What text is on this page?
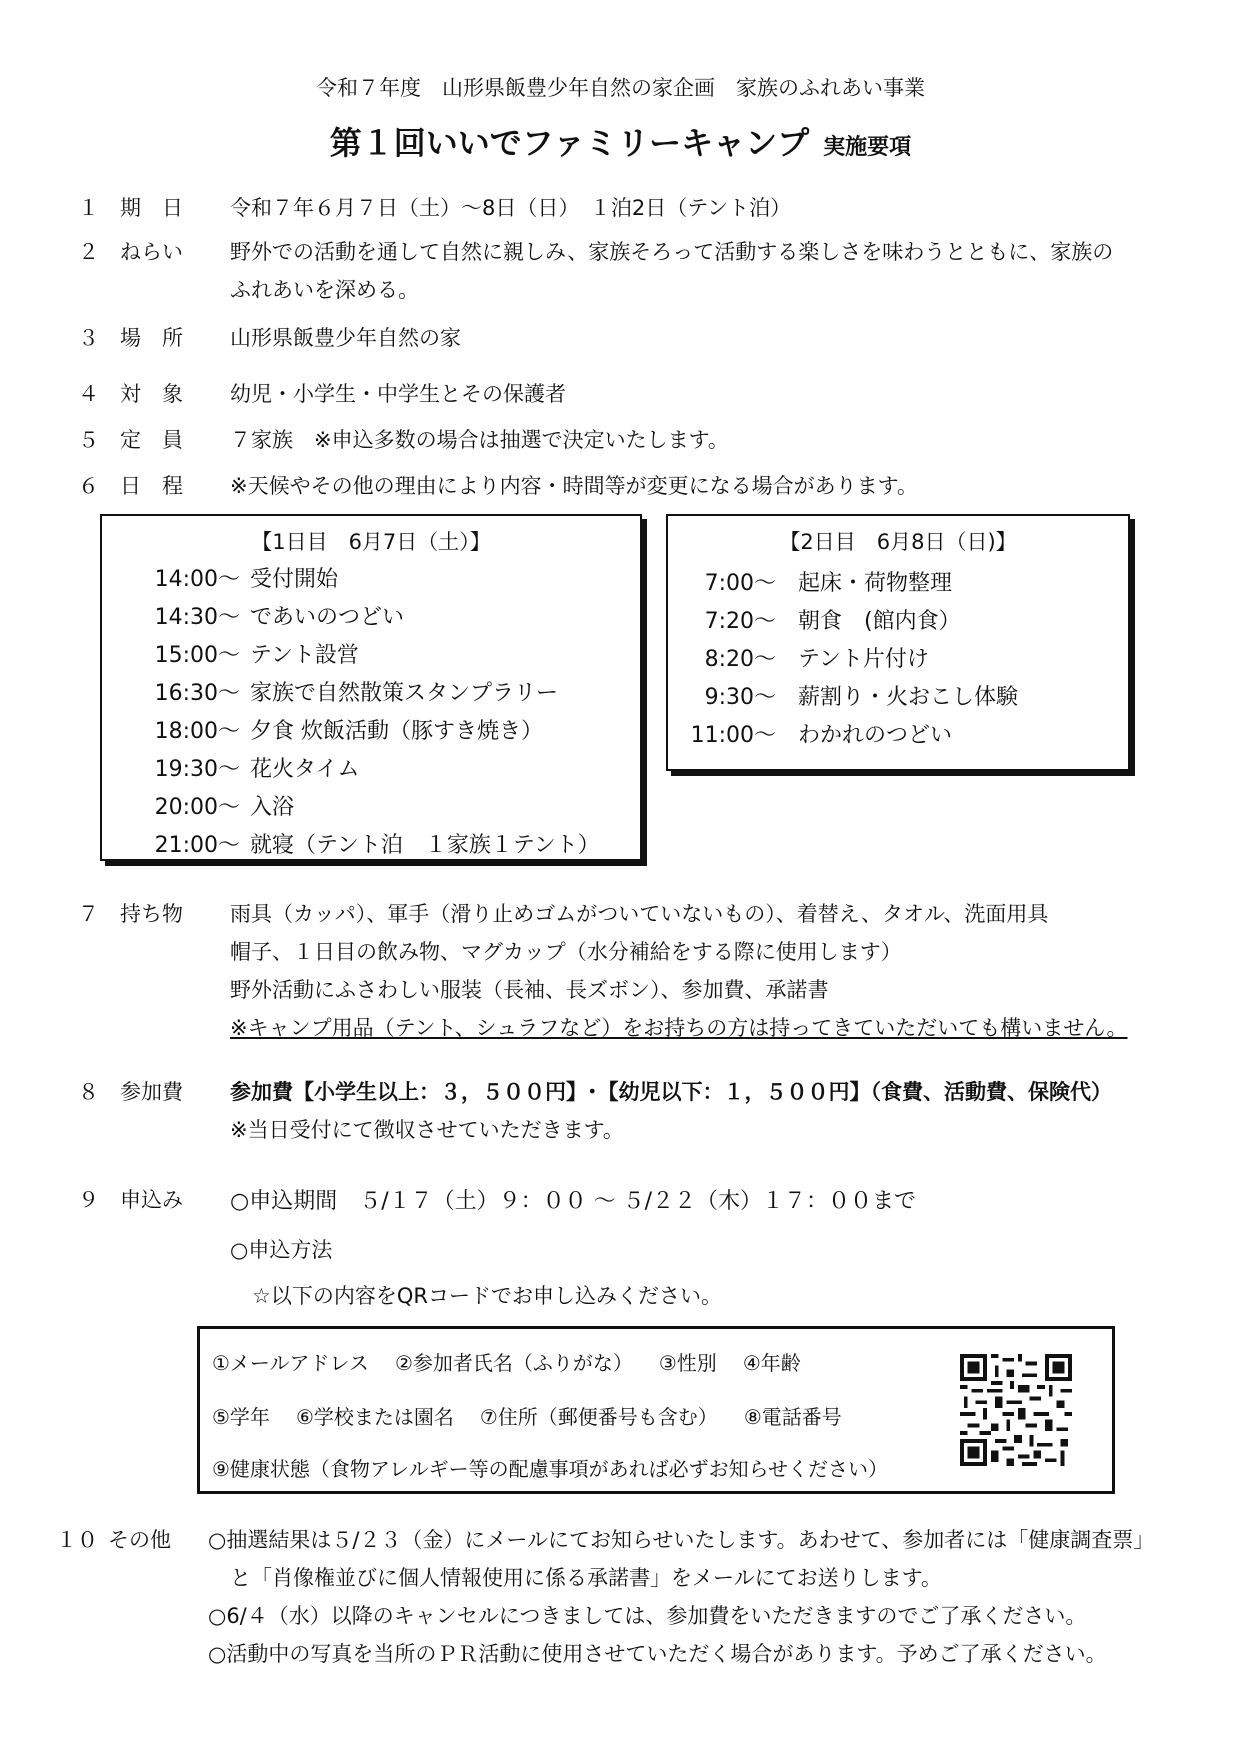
令和７年度　山形県飯豊少年自然の家企画　家族のふれあい事業
第１回いいでファミリーキャンプ 実施要項
１ 期　日 令和７年６月７日（土）～8日（日）　１泊2日（テント泊）
２ ねらい 野外での活動を通して自然に親しみ、家族そろって活動する楽しさを味わうとともに、家族の
ふれあいを深める。
３ 場　所 山形県飯豊少年自然の家
４ 対　象 幼児・小学生・中学生とその保護者
５ 定　員 ７家族　※申込多数の場合は抽選で決定いたします。
６ 日　程 ※天候やその他の理由により内容・時間等が変更になる場合があります。
【1日目　6月7日（土）】
14:00～ 受付開始
14:30～ であいのつどい
15:00～ テント設営
16:30～ 家族で自然散策スタンプラリー
18:00～ 夕食 炊飯活動（豚すき焼き）
19:30～ 花火タイム
20:00～ 入浴
21:00～ 就寝（テント泊　１家族１テント）
【2日目　6月8日（日)】
7:00～ 起床・荷物整理
7:20～ 朝食　(館内食）
8:20～ テント片付け
9:30～ 薪割り・火おこし体験
11:00～ わかれのつどい
７ 持ち物 雨具（カッパ）、軍手（滑り止めゴムがついていないもの）、着替え、タオル、洗面用具
帽子、１日目の飲み物、マグカップ（水分補給をする際に使用します）
野外活動にふさわしい服装（長袖、長ズボン）、参加費、承諾書
※キャンプ用品（テント、シュラフなど）をお持ちの方は持ってきていただいても構いません。
８ 参加費 参加費【小学生以上：３，５００円】･【幼児以下：１，５００円】（食費、活動費、保険代）
※当日受付にて徴収させていただきます。
９ 申込み ○申込期間　５/１７（土）９：００ ～ ５/２２（木）１７：００まで
○申込方法
☆以下の内容をQRコードでお申し込みください。
①メールアドレス ②参加者氏名（ふりがな） ③性別 ④年齢
⑤学年 ⑥学校または園名 ⑦住所（郵便番号も含む） ⑧電話番号
⑨健康状態（食物アレルギー等の配慮事項があれば必ずお知らせください）
１０ その他 ○抽選結果は５/２３（金）にメールにてお知らせいたします。あわせて、参加者には「健康調査票」
と「肖像権並びに個人情報使用に係る承諾書」をメールにてお送りします。
○6/４（水）以降のキャンセルにつきましては、参加費をいただきますのでご了承ください。
○活動中の写真を当所のＰＲ活動に使用させていただく場合があります。予めご了承ください。
